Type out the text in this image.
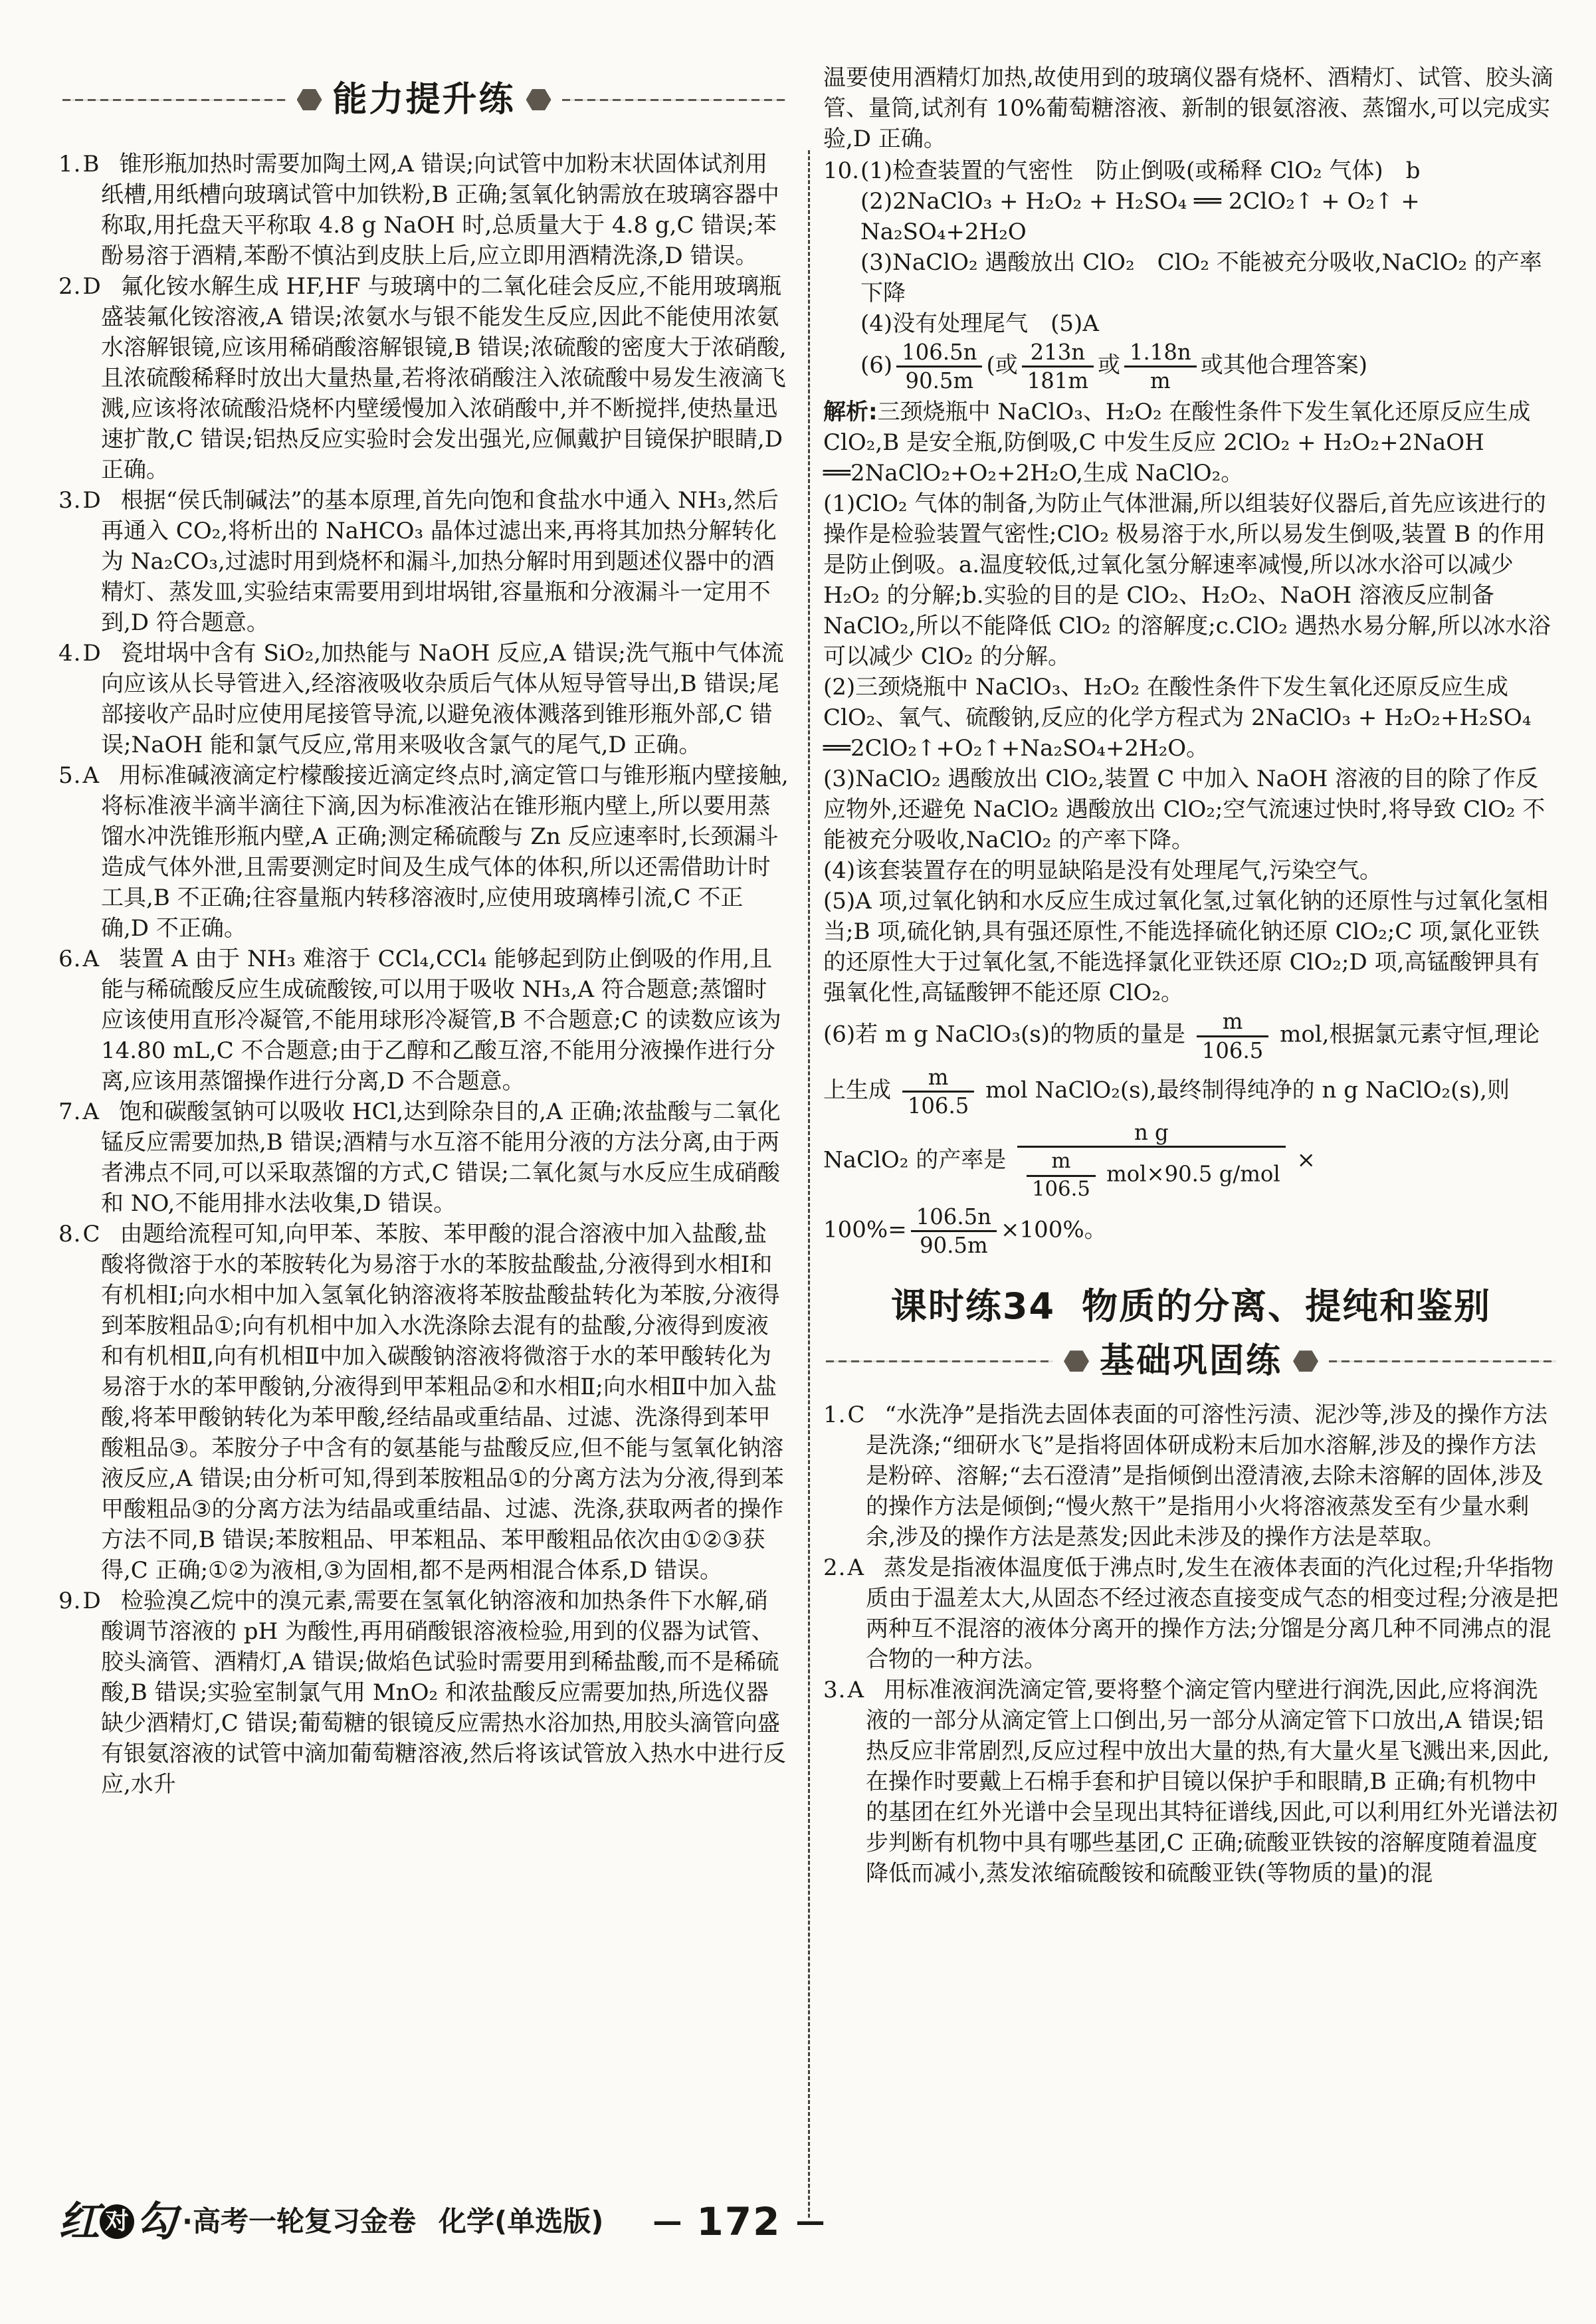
能力提升练
1.B 锥形瓶加热时需要加陶土网,A 错误;向试管中加粉末状固体试剂用纸槽,用纸槽向玻璃试管中加铁粉,B 正确;氢氧化钠需放在玻璃容器中称取,用托盘天平称取 4.8 g NaOH 时,总质量大于 4.8 g,C 错误;苯酚易溶于酒精,苯酚不慎沾到皮肤上后,应立即用酒精洗涤,D 错误。
2.D 氟化铵水解生成 HF,HF 与玻璃中的二氧化硅会反应,不能用玻璃瓶盛装氟化铵溶液,A 错误;浓氨水与银不能发生反应,因此不能使用浓氨水溶解银镜,应该用稀硝酸溶解银镜,B 错误;浓硫酸的密度大于浓硝酸,且浓硫酸稀释时放出大量热量,若将浓硝酸注入浓硫酸中易发生液滴飞溅,应该将浓硫酸沿烧杯内壁缓慢加入浓硝酸中,并不断搅拌,使热量迅速扩散,C 错误;铝热反应实验时会发出强光,应佩戴护目镜保护眼睛,D 正确。
3.D 根据“侯氏制碱法”的基本原理,首先向饱和食盐水中通入 NH₃,然后再通入 CO₂,将析出的 NaHCO₃ 晶体过滤出来,再将其加热分解转化为 Na₂CO₃,过滤时用到烧杯和漏斗,加热分解时用到题述仪器中的酒精灯、蒸发皿,实验结束需要用到坩埚钳,容量瓶和分液漏斗一定用不到,D 符合题意。
4.D 瓷坩埚中含有 SiO₂,加热能与 NaOH 反应,A 错误;洗气瓶中气体流向应该从长导管进入,经溶液吸收杂质后气体从短导管导出,B 错误;尾部接收产品时应使用尾接管导流,以避免液体溅落到锥形瓶外部,C 错误;NaOH 能和氯气反应,常用来吸收含氯气的尾气,D 正确。
5.A 用标准碱液滴定柠檬酸接近滴定终点时,滴定管口与锥形瓶内壁接触,将标准液半滴半滴往下滴,因为标准液沾在锥形瓶内壁上,所以要用蒸馏水冲洗锥形瓶内壁,A 正确;测定稀硫酸与 Zn 反应速率时,长颈漏斗造成气体外泄,且需要测定时间及生成气体的体积,所以还需借助计时工具,B 不正确;往容量瓶内转移溶液时,应使用玻璃棒引流,C 不正确,D 不正确。
6.A 装置 A 由于 NH₃ 难溶于 CCl₄,CCl₄ 能够起到防止倒吸的作用,且能与稀硫酸反应生成硫酸铵,可以用于吸收 NH₃,A 符合题意;蒸馏时应该使用直形冷凝管,不能用球形冷凝管,B 不合题意;C 的读数应该为 14.80 mL,C 不合题意;由于乙醇和乙酸互溶,不能用分液操作进行分离,应该用蒸馏操作进行分离,D 不合题意。
7.A 饱和碳酸氢钠可以吸收 HCl,达到除杂目的,A 正确;浓盐酸与二氧化锰反应需要加热,B 错误;酒精与水互溶不能用分液的方法分离,由于两者沸点不同,可以采取蒸馏的方式,C 错误;二氧化氮与水反应生成硝酸和 NO,不能用排水法收集,D 错误。
8.C 由题给流程可知,向甲苯、苯胺、苯甲酸的混合溶液中加入盐酸,盐酸将微溶于水的苯胺转化为易溶于水的苯胺盐酸盐,分液得到水相Ⅰ和有机相Ⅰ;向水相中加入氢氧化钠溶液将苯胺盐酸盐转化为苯胺,分液得到苯胺粗品①;向有机相中加入水洗涤除去混有的盐酸,分液得到废液和有机相Ⅱ,向有机相Ⅱ中加入碳酸钠溶液将微溶于水的苯甲酸转化为易溶于水的苯甲酸钠,分液得到甲苯粗品②和水相Ⅱ;向水相Ⅱ中加入盐酸,将苯甲酸钠转化为苯甲酸,经结晶或重结晶、过滤、洗涤得到苯甲酸粗品③。苯胺分子中含有的氨基能与盐酸反应,但不能与氢氧化钠溶液反应,A 错误;由分析可知,得到苯胺粗品①的分离方法为分液,得到苯甲酸粗品③的分离方法为结晶或重结晶、过滤、洗涤,获取两者的操作方法不同,B 错误;苯胺粗品、甲苯粗品、苯甲酸粗品依次由①②③获得,C 正确;①②为液相,③为固相,都不是两相混合体系,D 错误。
9.D 检验溴乙烷中的溴元素,需要在氢氧化钠溶液和加热条件下水解,硝酸调节溶液的 pH 为酸性,再用硝酸银溶液检验,用到的仪器为试管、胶头滴管、酒精灯,A 错误;做焰色试验时需要用到稀盐酸,而不是稀硫酸,B 错误;实验室制氯气用 MnO₂ 和浓盐酸反应需要加热,所选仪器缺少酒精灯,C 错误;葡萄糖的银镜反应需热水浴加热,用胶头滴管向盛有银氨溶液的试管中滴加葡萄糖溶液,然后将该试管放入热水中进行反应,水升

温要使用酒精灯加热,故使用到的玻璃仪器有烧杯、酒精灯、试管、胶头滴管、量筒,试剂有 10%葡萄糖溶液、新制的银氨溶液、蒸馏水,可以完成实验,D 正确。

10. (1)检查装置的气密性　防止倒吸(或稀释 ClO₂ 气体)　b

(2)2NaClO₃ + H₂O₂ + H₂SO₄ ══ 2ClO₂↑ + O₂↑ + Na₂SO₄+2H₂O

(3)NaClO₂ 遇酸放出 ClO₂　ClO₂ 不能被充分吸收,NaClO₂ 的产率下降

(4)没有处理尾气　(5)A

$(6) \frac{106.5n}{90.5m}$ (或 $\frac{213n}{181m}$ 或 $\frac{1.18n}{m}$ 或其他合理答案)

解析:三颈烧瓶中 NaClO₃、H₂O₂ 在酸性条件下发生氧化还原反应生成 ClO₂,B 是安全瓶,防倒吸,C 中发生反应 2ClO₂ + H₂O₂+2NaOH ══2NaClO₂+O₂+2H₂O,生成 NaClO₂。

(1)ClO₂ 气体的制备,为防止气体泄漏,所以组装好仪器后,首先应该进行的操作是检验装置气密性;ClO₂ 极易溶于水,所以易发生倒吸,装置 B 的作用是防止倒吸。a.温度较低,过氧化氢分解速率减慢,所以冰水浴可以减少 H₂O₂ 的分解;b.实验的目的是 ClO₂、H₂O₂、NaOH 溶液反应制备 NaClO₂,所以不能降低 ClO₂ 的溶解度;c.ClO₂ 遇热水易分解,所以冰水浴可以减少 ClO₂ 的分解。

(2)三颈烧瓶中 NaClO₃、H₂O₂ 在酸性条件下发生氧化还原反应生成 ClO₂、氧气、硫酸钠,反应的化学方程式为 2NaClO₃ + H₂O₂+H₂SO₄ ══2ClO₂↑+O₂↑+Na₂SO₄+2H₂O。

(3)NaClO₂ 遇酸放出 ClO₂,装置 C 中加入 NaOH 溶液的目的除了作反应物外,还避免 NaClO₂ 遇酸放出 ClO₂;空气流速过快时,将导致 ClO₂ 不能被充分吸收,NaClO₂ 的产率下降。

(4)该套装置存在的明显缺陷是没有处理尾气,污染空气。

(5)A 项,过氧化钠和水反应生成过氧化氢,过氧化钠的还原性与过氧化氢相当;B 项,硫化钠,具有强还原性,不能选择硫化钠还原 ClO₂;C 项,氯化亚铁的还原性大于过氧化氢,不能选择氯化亚铁还原 ClO₂;D 项,高锰酸钾具有强氧化性,高锰酸钾不能还原 ClO₂。

(6)若 m g NaClO₃(s)的物质的量是 $\frac{m}{106.5}$ mol,根据氯元素守恒,理论上生成 $\frac{m}{106.5}$ mol NaClO₂(s),最终制得纯净的 n g NaClO₂(s),则 NaClO₂ 的产率是 $\frac{\text{n g}}{\frac{m}{106.5} mol\times 90.5 g/mol}$ ×

$100\%= \frac{106.5n}{90.5m} \times 100\%$。

课时练34 物质的分离、提纯和鉴别
基础巩固练
1.C “水洗净”是指洗去固体表面的可溶性污渍、泥沙等,涉及的操作方法是洗涤;“细研水飞”是指将固体研成粉末后加水溶解,涉及的操作方法是粉碎、溶解;“去石澄清”是指倾倒出澄清液,去除未溶解的固体,涉及的操作方法是倾倒;“慢火熬干”是指用小火将溶液蒸发至有少量水剩余,涉及的操作方法是蒸发;因此未涉及的操作方法是萃取。
2.A 蒸发是指液体温度低于沸点时,发生在液体表面的汽化过程;升华指物质由于温差太大,从固态不经过液态直接变成气态的相变过程;分液是把两种互不混溶的液体分离开的操作方法;分馏是分离几种不同沸点的混合物的一种方法。
3.A 用标准液润洗滴定管,要将整个滴定管内壁进行润洗,因此,应将润洗液的一部分从滴定管上口倒出,另一部分从滴定管下口放出,A 错误;铝热反应非常剧烈,反应过程中放出大量的热,有大量火星飞溅出来,因此,在操作时要戴上石棉手套和护目镜以保护手和眼睛,B 正确;有机物中的基团在红外光谱中会呈现出其特征谱线,因此,可以利用红外光谱法初步判断有机物中具有哪些基团,C 正确;硫酸亚铁铵的溶解度随着温度降低而减小,蒸发浓缩硫酸铵和硫酸亚铁(等物质的量)的混
红 对 勾 ·高考一轮复习金卷 化学(单选版) — 172 —
